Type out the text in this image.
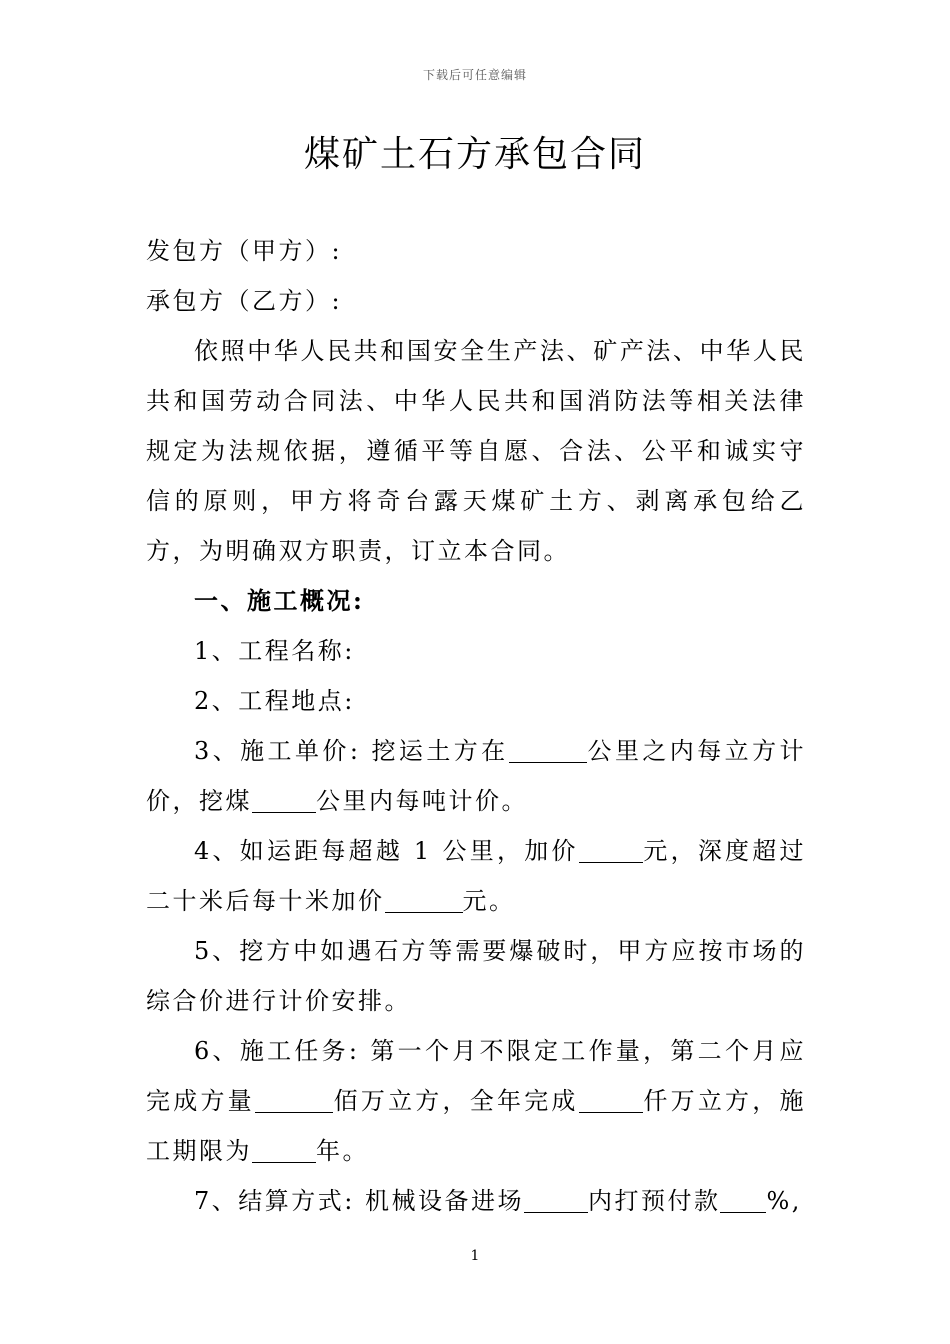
下载后可任意编辑
煤矿土石方承包合同

发包方（甲方）:

承包方（乙方）:

依照中华人民共和国安全生产法、矿产法、中华人民共和国劳动合同法、中华人民共和国消防法等相关法律规定为法规依据，遵循平等自愿、合法、公平和诚实守信的原则，甲方将奇台露天煤矿土方、剥离承包给乙方，为明确双方职责，订立本合同。

一、施工概况:

1、工程名称:

2、工程地点:

3、施工单价: 挖运土方在	公里之内每立方计价，挖煤	公里内每吨计价。

4、如运距每超越 1 公里，加价	元，深度超过二十米后每十米加价	元。

5、挖方中如遇石方等需要爆破时，甲方应按市场的综合价进行计价安排。

6、施工任务: 第一个月不限定工作量，第二个月应完成方量	佰万立方，全年完成	仟万立方，施工期限为	年。

7、结算方式: 机械设备进场	内打预付款 %,

1
